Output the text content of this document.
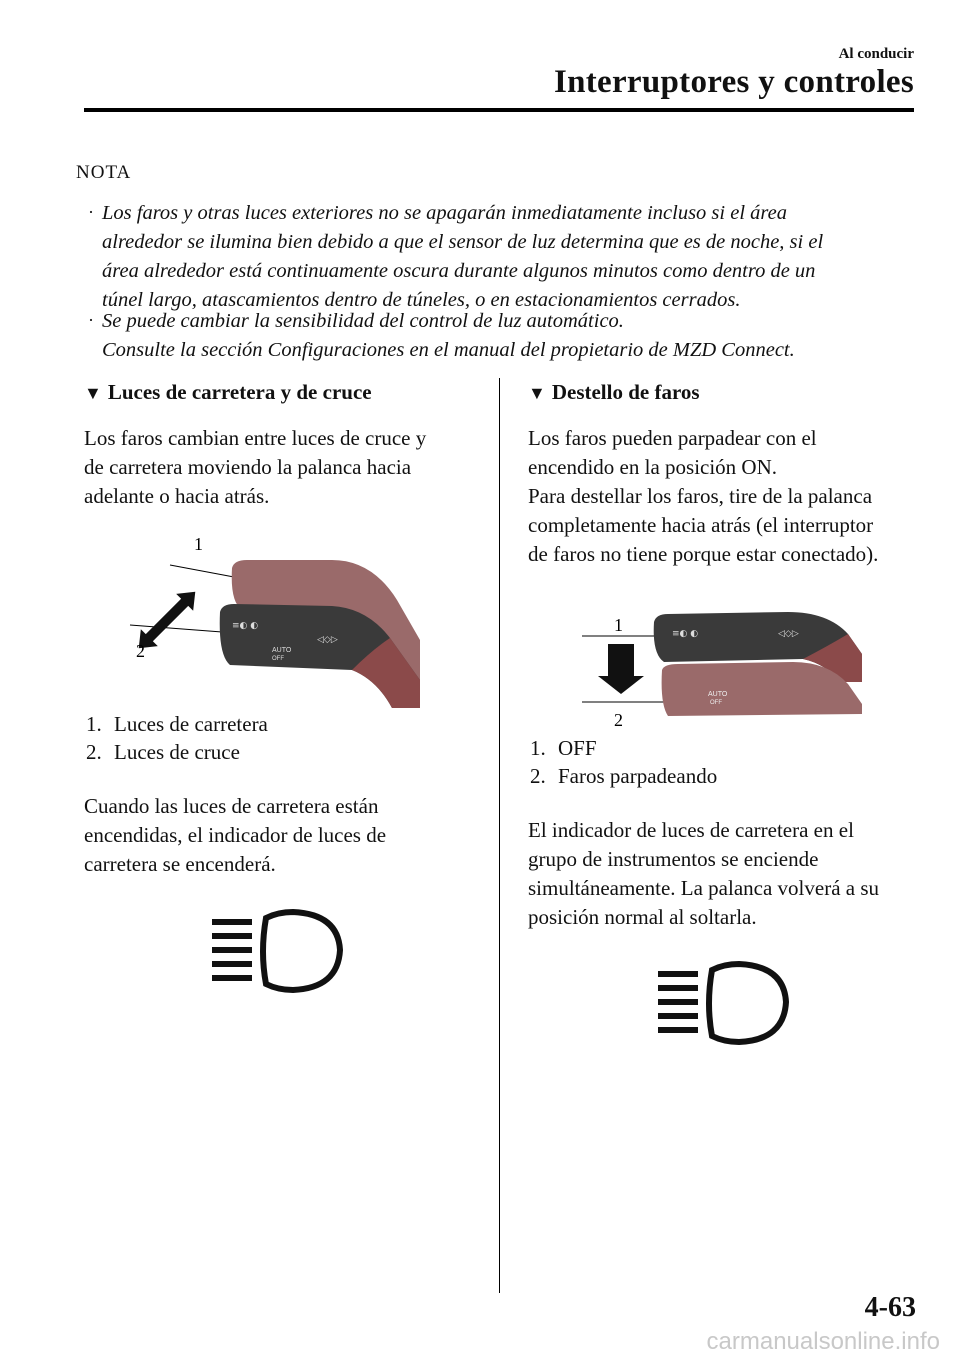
Al conducir
Interruptores y controles
NOTA
· Los faros y otras luces exteriores no se apagarán inmediatamente incluso si el área
alrededor se ilumina bien debido a que el sensor de luz determina que es de noche, si el
área alrededor está continuamente oscura durante algunos minutos como dentro de un
túnel largo, atascamientos dentro de túneles, o en estacionamientos cerrados.
· Se puede cambiar la sensibilidad del control de luz automático.
Consulte la sección Configuraciones en el manual del propietario de MZD Connect.
▼ Luces de carretera y de cruce
Los faros cambian entre luces de cruce y
de carretera moviendo la palanca hacia
adelante o hacia atrás.
AUTO
OFF
≡◐ ◐
◁◇▷
1
2
1. Luces de carretera
2. Luces de cruce
Cuando las luces de carretera están
encendidas, el indicador de luces de
carretera se encenderá.
▼ Destello de faros
Los faros pueden parpadear con el
encendido en la posición ON.
Para destellar los faros, tire de la palanca
completamente hacia atrás (el interruptor
de faros no tiene porque estar conectado).
≡◐ ◐	◁◇▷
AUTO
OFF
1
2
1. OFF
2. Faros parpadeando
El indicador de luces de carretera en el
grupo de instrumentos se enciende
simultáneamente. La palanca volverá a su
posición normal al soltarla.
4-63
carmanualsonline.info
